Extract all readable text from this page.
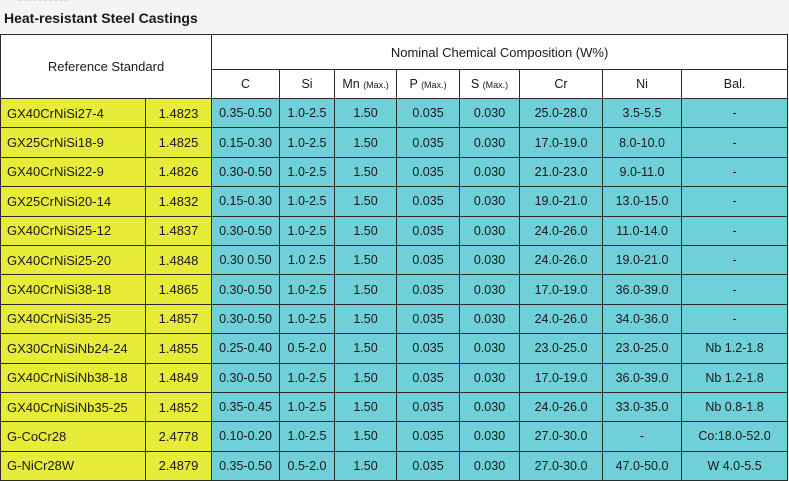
Heat-resistant Steel Castings
Reference Standard		Nominal Chemical Composition (W%)							
		C	Si	Mn (Max.)	P (Max.)	S (Max.)	Cr	Ni	Bal.
GX40CrNiSi27-4	1.4823	0.35-0.50	1.0-2.5	1.50	0.035	0.030	25.0-28.0	3.5-5.5	-
GX25CrNiSi18-9	1.4825	0.15-0.30	1.0-2.5	1.50	0.035	0.030	17.0-19.0	8.0-10.0	-
GX40CrNiSi22-9	1.4826	0.30-0.50	1.0-2.5	1.50	0.035	0.030	21.0-23.0	9.0-11.0	-
GX25CrNiSi20-14	1.4832	0.15-0.30	1.0-2.5	1.50	0.035	0.030	19.0-21.0	13.0-15.0	-
GX40CrNiSi25-12	1.4837	0.30-0.50	1.0-2.5	1.50	0.035	0.030	24.0-26.0	11.0-14.0	-
GX40CrNiSi25-20	1.4848	0.30 0.50	1.0 2.5	1.50	0.035	0.030	24.0-26.0	19.0-21.0	-
GX40CrNiSi38-18	1.4865	0.30-0.50	1.0-2.5	1.50	0.035	0.030	17.0-19.0	36.0-39.0	-
GX40CrNiSi35-25	1.4857	0.30-0.50	1.0-2.5	1.50	0.035	0.030	24.0-26.0	34.0-36.0	-
GX30CrNiSiNb24-24	1.4855	0.25-0.40	0.5-2.0	1.50	0.035	0.030	23.0-25.0	23.0-25.0	Nb 1.2-1.8
GX40CrNiSiNb38-18	1.4849	0.30-0.50	1.0-2.5	1.50	0.035	0.030	17.0-19.0	36.0-39.0	Nb 1.2-1.8
GX40CrNiSiNb35-25	1.4852	0.35-0.45	1.0-2.5	1.50	0.035	0.030	24.0-26.0	33.0-35.0	Nb 0.8-1.8
G-CoCr28	2.4778	0.10-0.20	1.0-2.5	1.50	0.035	0.030	27.0-30.0	-	Co:18.0-52.0
G-NiCr28W	2.4879	0.35-0.50	0.5-2.0	1.50	0.035	0.030	27.0-30.0	47.0-50.0	W 4.0-5.5
